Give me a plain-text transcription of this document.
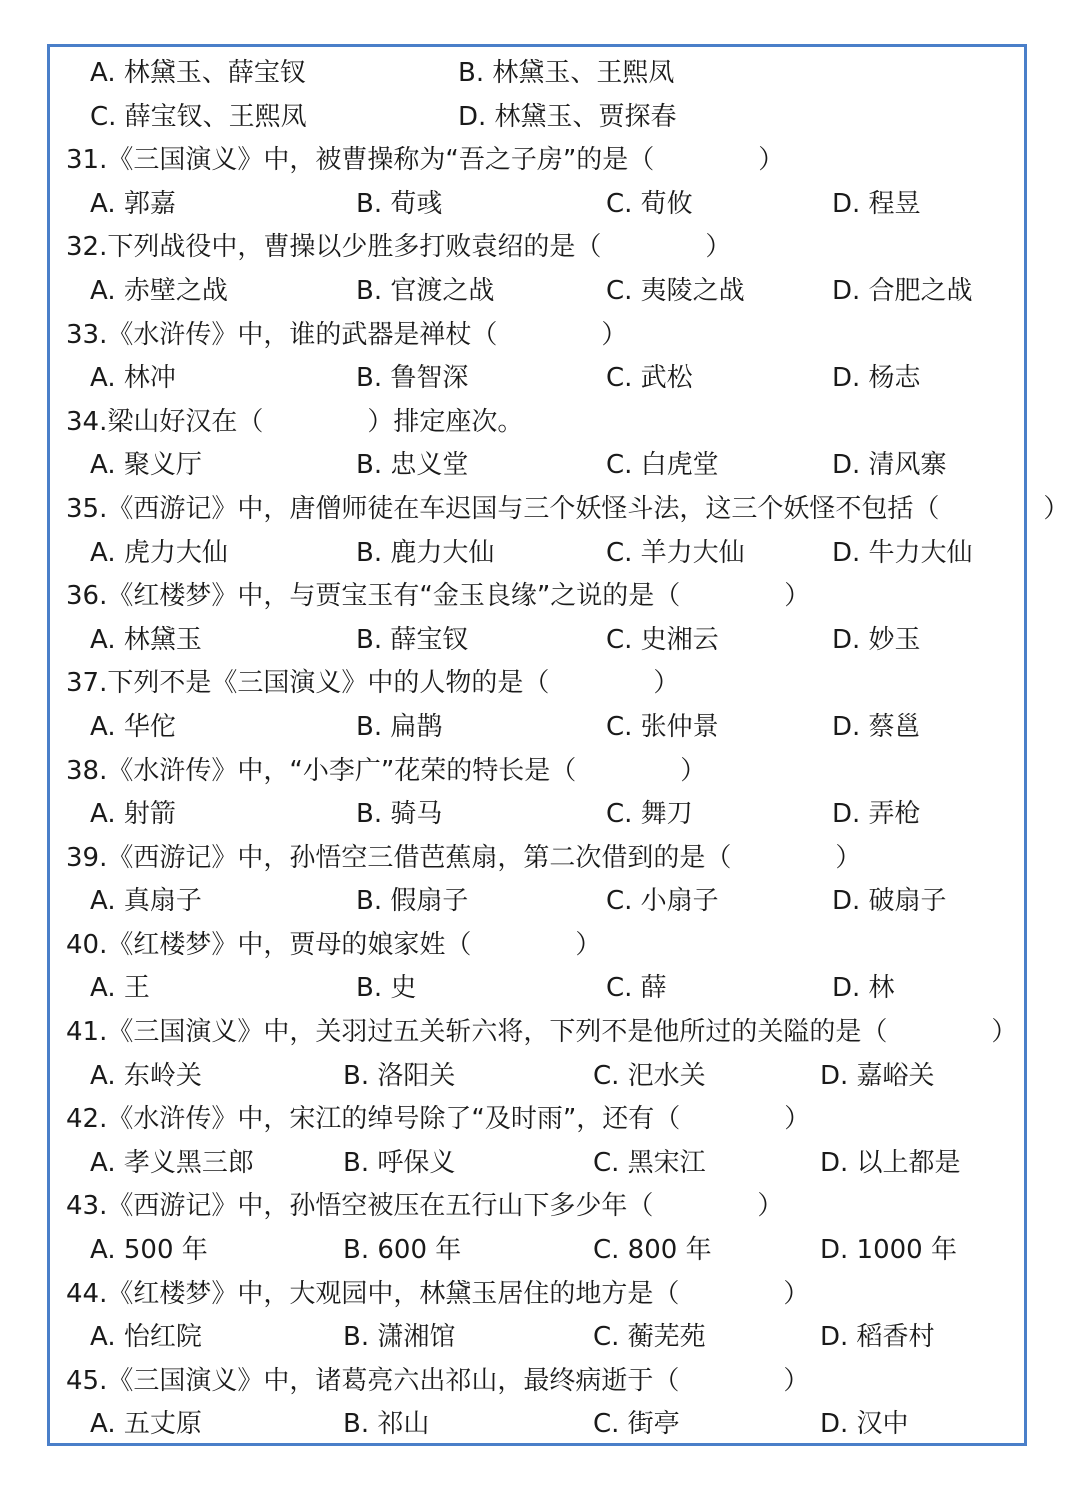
A. 林黛玉、薛宝钗	B. 林黛玉、王熙凤
C. 薛宝钗、王熙凤	D. 林黛玉、贾探春
31.《三国演义》中，被曹操称为“吾之子房”的是（　　　　）
A. 郭嘉	B. 荀彧	C. 荀攸	D. 程昱
32.下列战役中，曹操以少胜多打败袁绍的是（　　　　）
A. 赤壁之战	B. 官渡之战	C. 夷陵之战	D. 合肥之战
33.《水浒传》中，谁的武器是禅杖（　　　　）
A. 林冲	B. 鲁智深	C. 武松	D. 杨志
34.梁山好汉在（　　　　）排定座次。
A. 聚义厅	B. 忠义堂	C. 白虎堂	D. 清风寨
35.《西游记》中，唐僧师徒在车迟国与三个妖怪斗法，这三个妖怪不包括（　　　　）
A. 虎力大仙	B. 鹿力大仙	C. 羊力大仙	D. 牛力大仙
36.《红楼梦》中，与贾宝玉有“金玉良缘”之说的是（　　　　）
A. 林黛玉	B. 薛宝钗	C. 史湘云	D. 妙玉
37.下列不是《三国演义》中的人物的是（　　　　）
A. 华佗	B. 扁鹊	C. 张仲景	D. 蔡邕
38.《水浒传》中，“小李广”花荣的特长是（　　　　）
A. 射箭	B. 骑马	C. 舞刀	D. 弄枪
39.《西游记》中，孙悟空三借芭蕉扇，第二次借到的是（　　　　）
A. 真扇子	B. 假扇子	C. 小扇子	D. 破扇子
40.《红楼梦》中，贾母的娘家姓（　　　　）
A. 王	B. 史	C. 薛	D. 林
41.《三国演义》中，关羽过五关斩六将，下列不是他所过的关隘的是（　　　　）
A. 东岭关	B. 洛阳关	C. 汜水关	D. 嘉峪关
42.《水浒传》中，宋江的绰号除了“及时雨”，还有（　　　　）
A. 孝义黑三郎	B. 呼保义	C. 黑宋江	D. 以上都是
43.《西游记》中，孙悟空被压在五行山下多少年（　　　　）
A. 500 年	B. 600 年	C. 800 年	D. 1000 年
44.《红楼梦》中，大观园中，林黛玉居住的地方是（　　　　）
A. 怡红院	B. 潇湘馆	C. 蘅芜苑	D. 稻香村
45.《三国演义》中，诸葛亮六出祁山，最终病逝于（　　　　）
A. 五丈原	B. 祁山	C. 街亭	D. 汉中
